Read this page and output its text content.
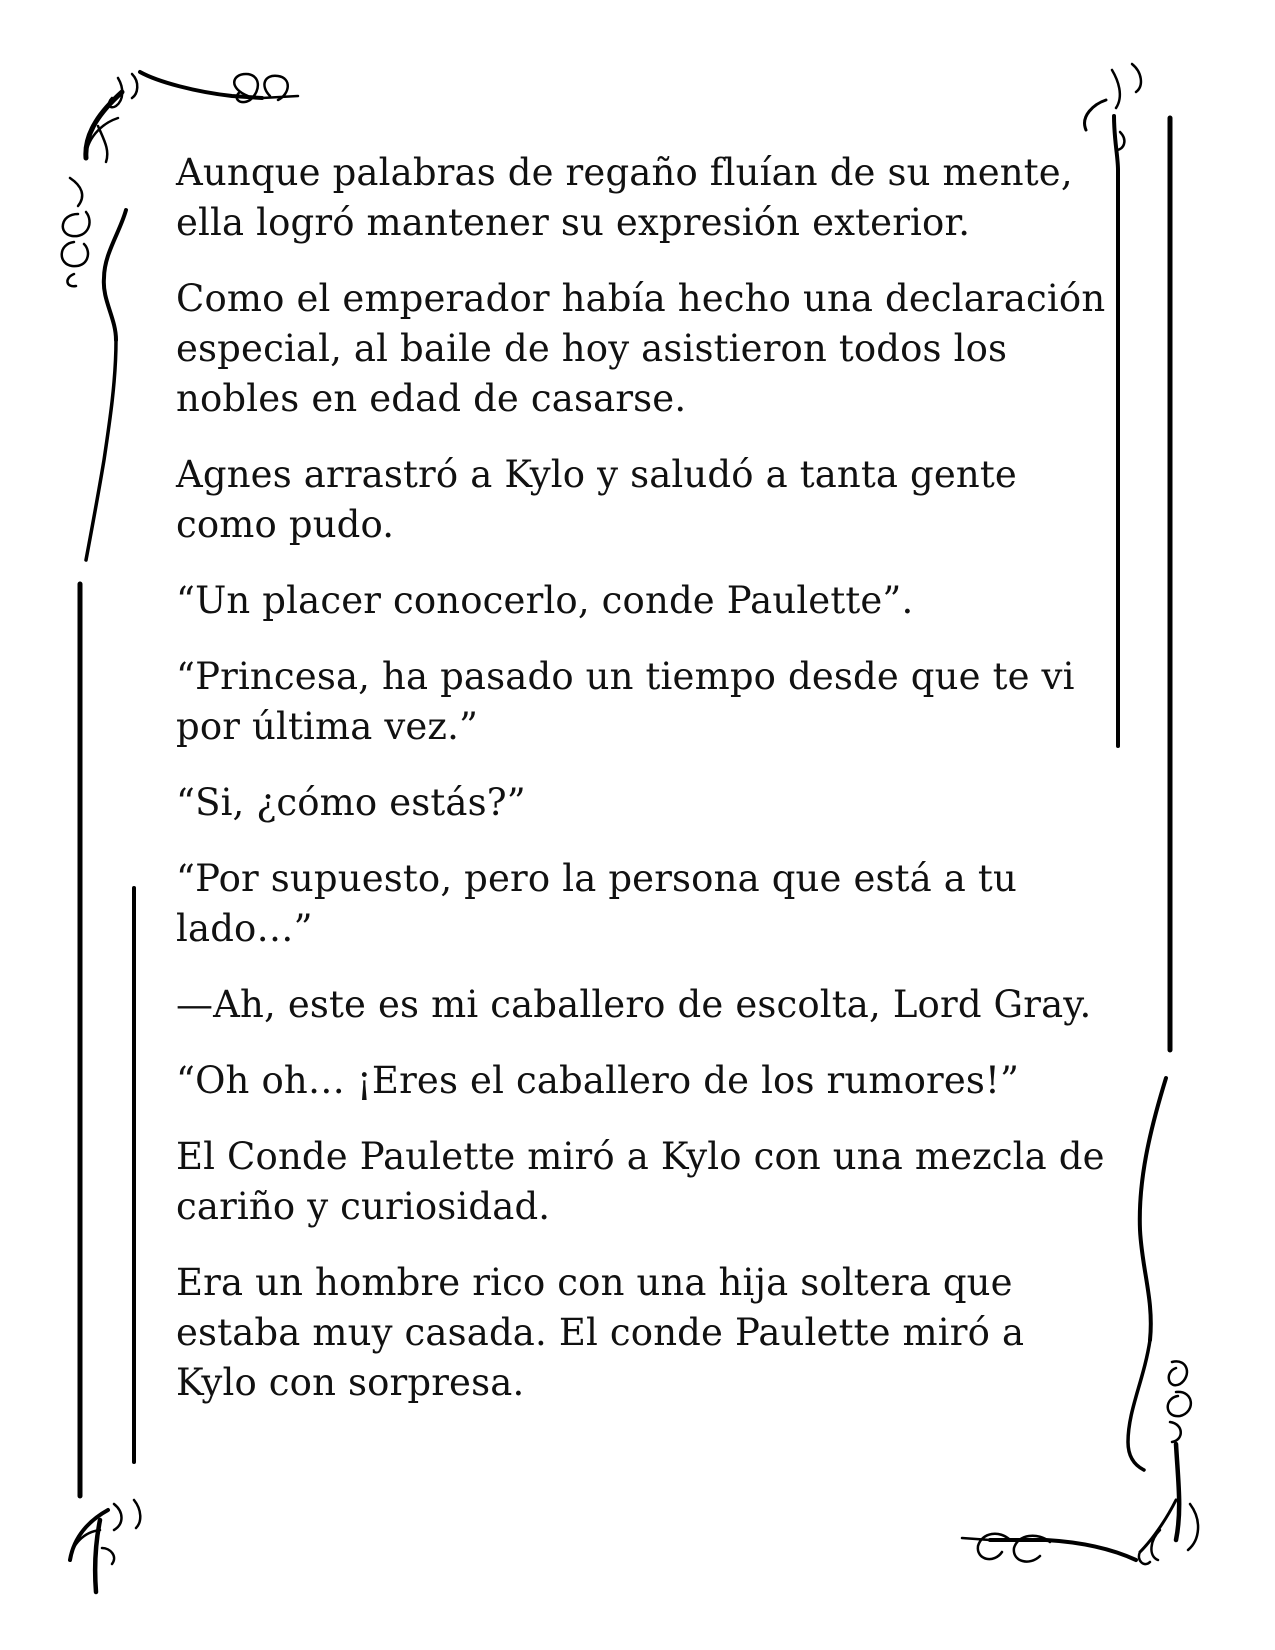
Aunque palabras de regaño fluían de su mente, ella logró mantener su expresión exterior.

Como el emperador había hecho una declaración especial, al baile de hoy asistieron todos los nobles en edad de casarse.

Agnes arrastró a Kylo y saludó a tanta gente como pudo.

“Un placer conocerlo, conde Paulette”.

“Princesa, ha pasado un tiempo desde que te vi por última vez.”

“Si, ¿cómo estás?”

“Por supuesto, pero la persona que está a tu lado…”

—Ah, este es mi caballero de escolta, Lord Gray.

“Oh oh… ¡Eres el caballero de los rumores!”

El Conde Paulette miró a Kylo con una mezcla de cariño y curiosidad.

Era un hombre rico con una hija soltera que estaba muy casada. El conde Paulette miró a Kylo con sorpresa.
